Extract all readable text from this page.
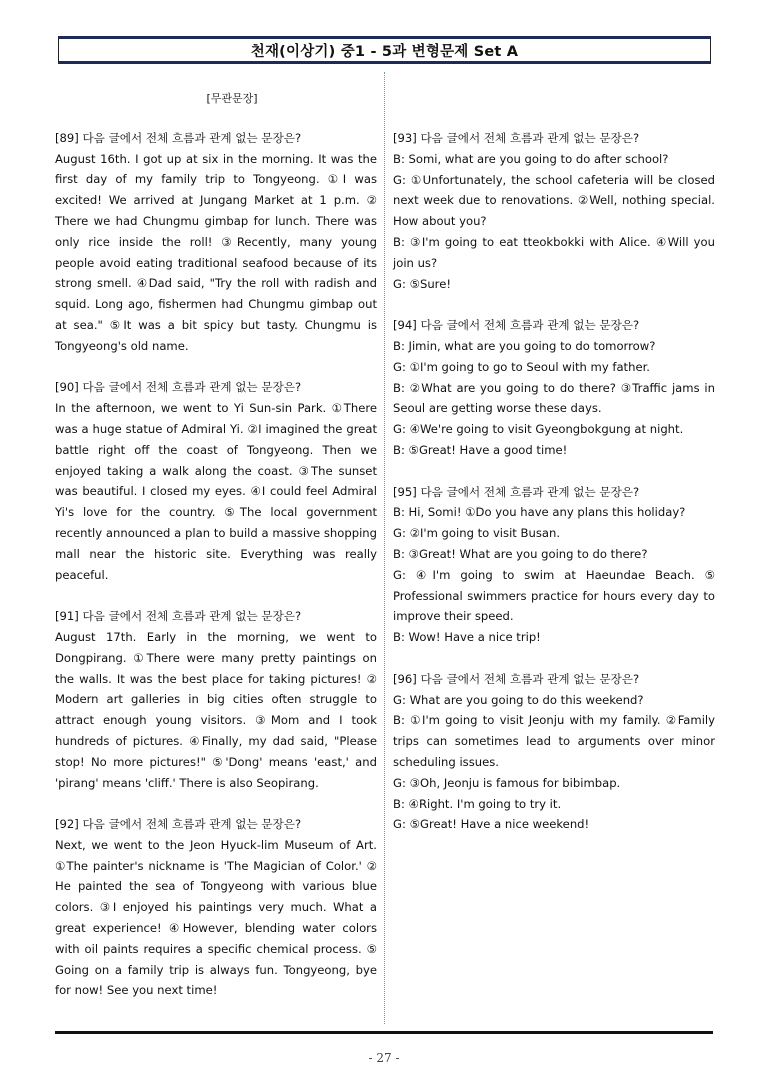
천재(이상기) 중1 - 5과 변형문제 Set A
[무관문장]
[89] 다음 글에서 전체 흐름과 관계 없는 문장은?
August 16th. I got up at six in the morning. It was the first day of my family trip to Tongyeong. ①I was excited! We arrived at Jungang Market at 1 p.m. ② There we had Chungmu gimbap for lunch. There was only rice inside the roll! ③Recently, many young people avoid eating traditional seafood because of its strong smell. ④Dad said, "Try the roll with radish and squid. Long ago, fishermen had Chungmu gimbap out at sea." ⑤It was a bit spicy but tasty. Chungmu is Tongyeong's old name.
[90] 다음 글에서 전체 흐름과 관계 없는 문장은?
In the afternoon, we went to Yi Sun-sin Park. ①There was a huge statue of Admiral Yi. ②I imagined the great battle right off the coast of Tongyeong. Then we enjoyed taking a walk along the coast. ③The sunset was beautiful. I closed my eyes. ④I could feel Admiral Yi's love for the country. ⑤The local government recently announced a plan to build a massive shopping mall near the historic site. Everything was really peaceful.
[91] 다음 글에서 전체 흐름과 관계 없는 문장은?
August 17th. Early in the morning, we went to Dongpirang. ①There were many pretty paintings on the walls. It was the best place for taking pictures! ② Modern art galleries in big cities often struggle to attract enough young visitors. ③Mom and I took hundreds of pictures. ④Finally, my dad said, "Please stop! No more pictures!" ⑤'Dong' means 'east,' and 'pirang' means 'cliff.' There is also Seopirang.
[92] 다음 글에서 전체 흐름과 관계 없는 문장은?
Next, we went to the Jeon Hyuck-lim Museum of Art. ①The painter's nickname is 'The Magician of Color.' ② He painted the sea of Tongyeong with various blue colors. ③I enjoyed his paintings very much. What a great experience! ④However, blending water colors with oil paints requires a specific chemical process. ⑤ Going on a family trip is always fun. Tongyeong, bye for now! See you next time!
[93] 다음 글에서 전체 흐름과 관계 없는 문장은?
B: Somi, what are you going to do after school?
G: ①Unfortunately, the school cafeteria will be closed next week due to renovations. ②Well, nothing special. How about you?
B: ③I'm going to eat tteokbokki with Alice. ④Will you join us?
G: ⑤Sure!
[94] 다음 글에서 전체 흐름과 관계 없는 문장은?
B: Jimin, what are you going to do tomorrow?
G: ①I'm going to go to Seoul with my father.
B: ②What are you going to do there? ③Traffic jams in Seoul are getting worse these days.
G: ④We're going to visit Gyeongbokgung at night.
B: ⑤Great! Have a good time!
[95] 다음 글에서 전체 흐름과 관계 없는 문장은?
B: Hi, Somi! ①Do you have any plans this holiday?
G: ②I'm going to visit Busan.
B: ③Great! What are you going to do there?
G: ④I'm going to swim at Haeundae Beach. ⑤ Professional swimmers practice for hours every day to improve their speed.
B: Wow! Have a nice trip!
[96] 다음 글에서 전체 흐름과 관계 없는 문장은?
G: What are you going to do this weekend?
B: ①I'm going to visit Jeonju with my family. ②Family trips can sometimes lead to arguments over minor scheduling issues.
G: ③Oh, Jeonju is famous for bibimbap.
B: ④Right. I'm going to try it.
G: ⑤Great! Have a nice weekend!
- 27 -
